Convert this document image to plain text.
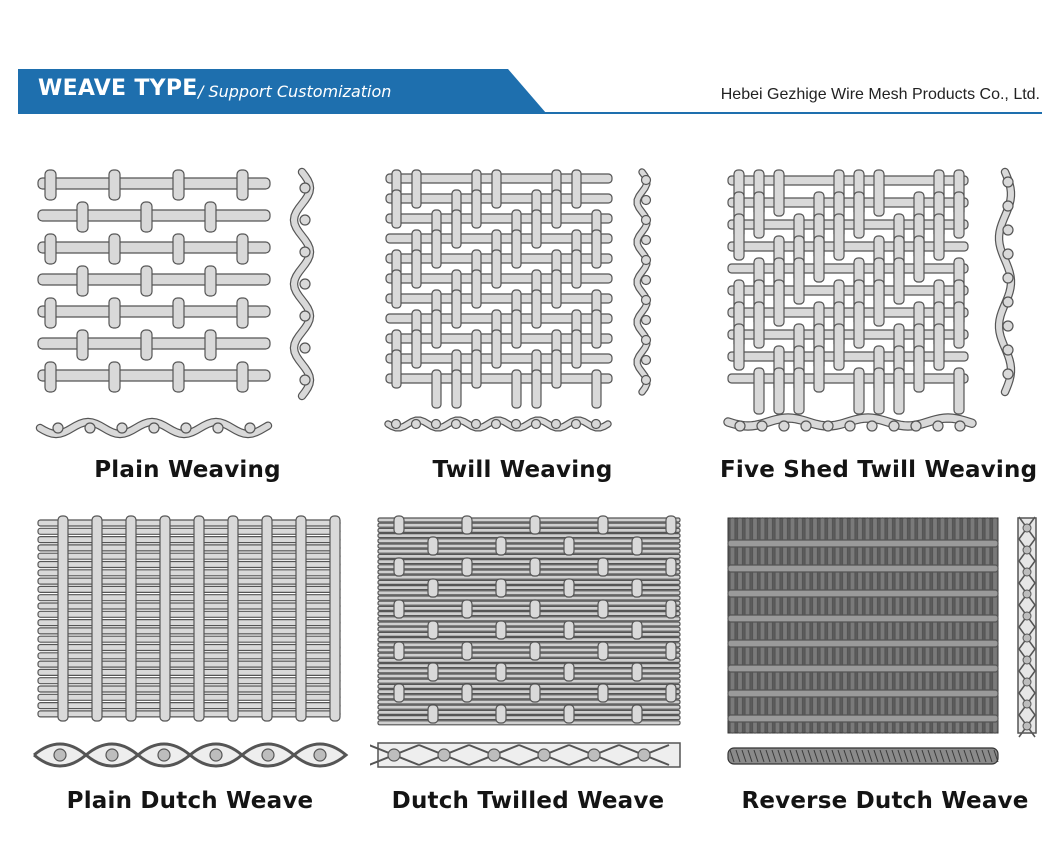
WEAVE TYPE / Support Customization	Hebei Gezhige Wire Mesh Products Co., Ltd.
Plain Weaving	Twill Weaving	Five Shed Twill Weaving
Plain Dutch Weave	Dutch Twilled Weave	Reverse Dutch Weave
